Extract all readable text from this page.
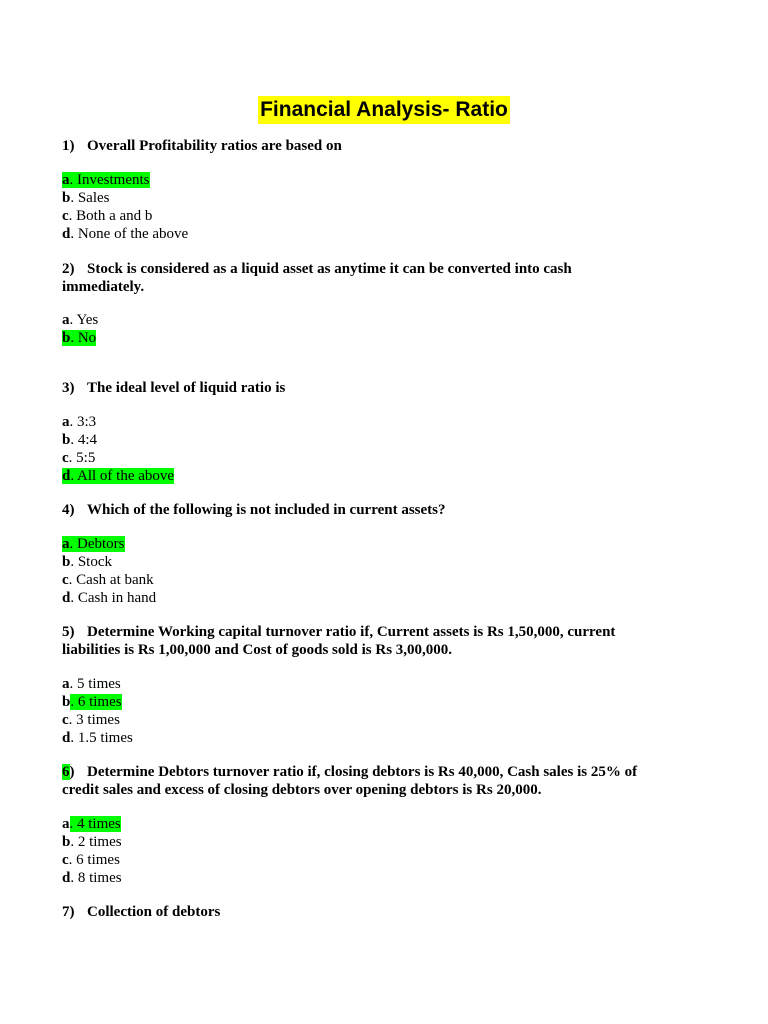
Financial Analysis- Ratio
1) Overall Profitability ratios are based on
a. Investments
b. Sales
c. Both a and b
d. None of the above
2) Stock is considered as a liquid asset as anytime it can be converted into cash
immediately.
a. Yes
b. No
3) The ideal level of liquid ratio is
a. 3:3
b. 4:4
c. 5:5
d. All of the above
4) Which of the following is not included in current assets?
a. Debtors
b. Stock
c. Cash at bank
d. Cash in hand
5) Determine Working capital turnover ratio if, Current assets is Rs 1,50,000, current
liabilities is Rs 1,00,000 and Cost of goods sold is Rs 3,00,000.
a. 5 times
b. 6 times
c. 3 times
d. 1.5 times
6) Determine Debtors turnover ratio if, closing debtors is Rs 40,000, Cash sales is 25% of
credit sales and excess of closing debtors over opening debtors is Rs 20,000.
a. 4 times
b. 2 times
c. 6 times
d. 8 times
7) Collection of debtors
